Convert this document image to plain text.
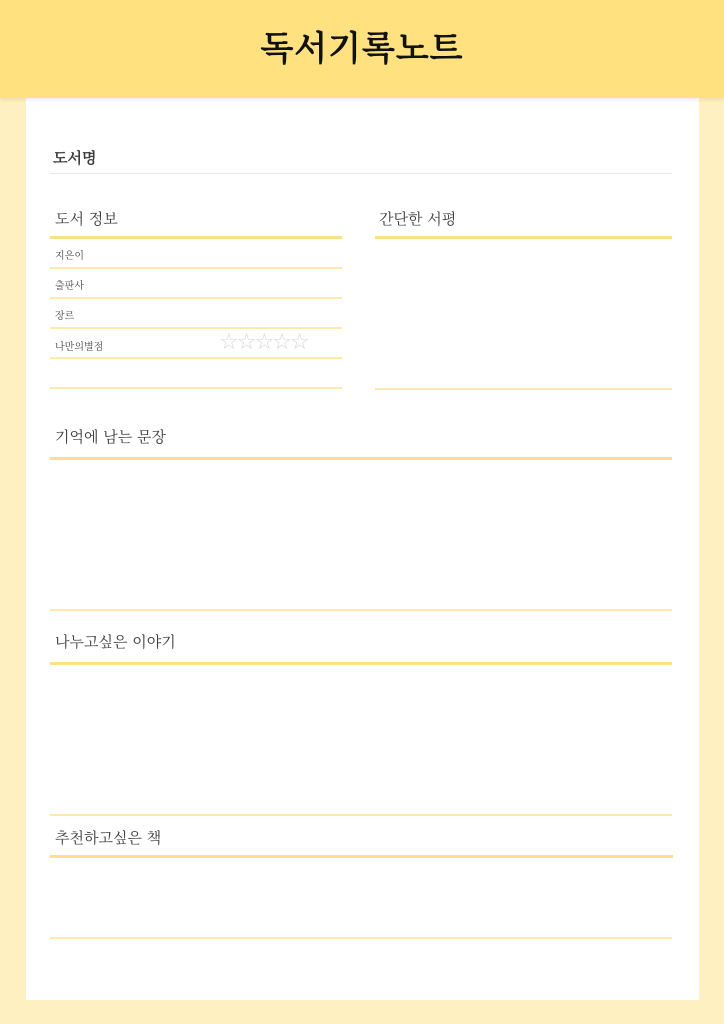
독서기록노트
도서명
도서 정보
지은이
출판사
장르
나만의별점	☆☆☆☆☆
간단한 서평
기억에 남는 문장
나누고싶은 이야기
추천하고싶은 책
